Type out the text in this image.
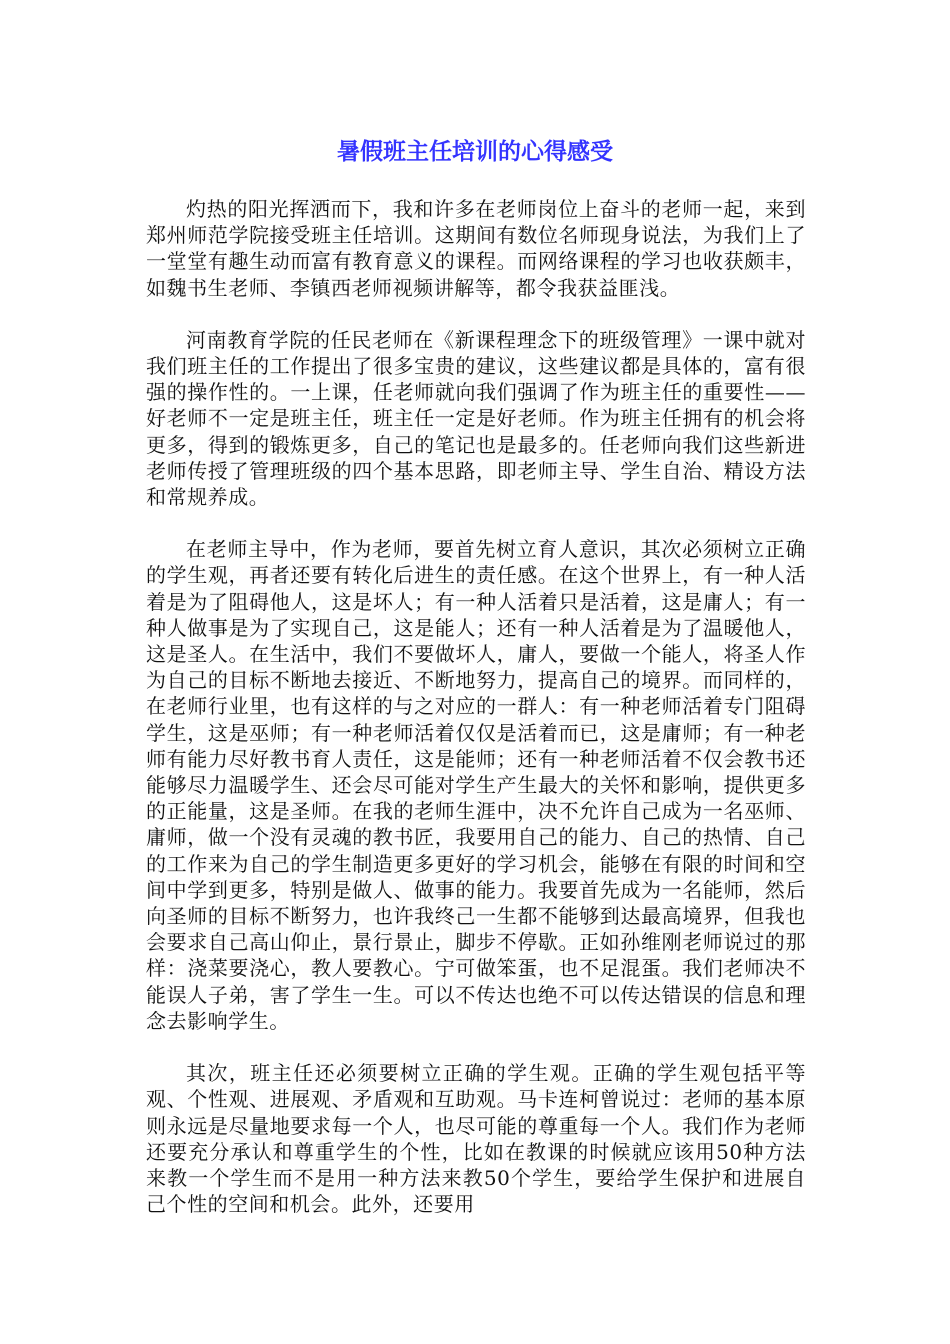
暑假班主任培训的心得感受

灼热的阳光挥洒而下，我和许多在老师岗位上奋斗的老师一起，来到郑州师范学院接受班主任培训。这期间有数位名师现身说法，为我们上了一堂堂有趣生动而富有教育意义的课程。而网络课程的学习也收获颇丰，如魏书生老师、李镇西老师视频讲解等，都令我获益匪浅。

河南教育学院的任民老师在《新课程理念下的班级管理》一课中就对我们班主任的工作提出了很多宝贵的建议，这些建议都是具体的，富有很强的操作性的。一上课，任老师就向我们强调了作为班主任的重要性——好老师不一定是班主任，班主任一定是好老师。作为班主任拥有的机会将更多，得到的锻炼更多，自己的笔记也是最多的。任老师向我们这些新进老师传授了管理班级的四个基本思路，即老师主导、学生自治、精设方法和常规养成。

在老师主导中，作为老师，要首先树立育人意识，其次必须树立正确的学生观，再者还要有转化后进生的责任感。在这个世界上，有一种人活着是为了阻碍他人，这是坏人；有一种人活着只是活着，这是庸人；有一种人做事是为了实现自己，这是能人；还有一种人活着是为了温暖他人，这是圣人。在生活中，我们不要做坏人，庸人，要做一个能人，将圣人作为自己的目标不断地去接近、不断地努力，提高自己的境界。而同样的，在老师行业里，也有这样的与之对应的一群人：有一种老师活着专门阻碍学生，这是巫师；有一种老师活着仅仅是活着而已，这是庸师；有一种老师有能力尽好教书育人责任，这是能师；还有一种老师活着不仅会教书还能够尽力温暖学生、还会尽可能对学生产生最大的关怀和影响，提供更多的正能量，这是圣师。在我的老师生涯中，决不允许自己成为一名巫师、庸师，做一个没有灵魂的教书匠，我要用自己的能力、自己的热情、自己的工作来为自己的学生制造更多更好的学习机会，能够在有限的时间和空间中学到更多，特别是做人、做事的能力。我要首先成为一名能师，然后向圣师的目标不断努力，也许我终己一生都不能够到达最高境界，但我也会要求自己高山仰止，景行景止，脚步不停歇。正如孙维刚老师说过的那样：浇菜要浇心，教人要教心。宁可做笨蛋，也不足混蛋。我们老师决不能误人子弟，害了学生一生。可以不传达也绝不可以传达错误的信息和理念去影响学生。

其次，班主任还必须要树立正确的学生观。正确的学生观包括平等观、个性观、进展观、矛盾观和互助观。马卡连柯曾说过：老师的基本原则永远是尽量地要求每一个人，也尽可能的尊重每一个人。我们作为老师还要充分承认和尊重学生的个性，比如在教课的时候就应该用50种方法来教一个学生而不是用一种方法来教50个学生，要给学生保护和进展自己个性的空间和机会。此外，还要用
